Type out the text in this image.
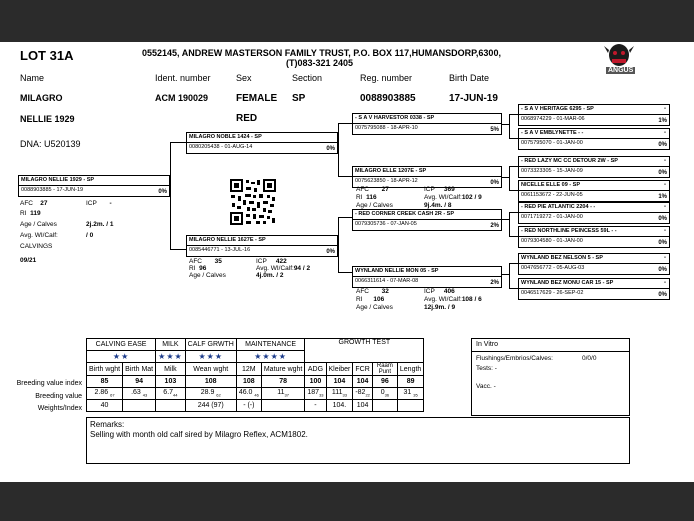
LOT 31A	0552145, ANDREW MASTERSON FAMILY TRUST, P.O. BOX 117,HUMANSDORP,6300,
(T)083-321 2405
ANGUS
Name	Ident. number	Sex	Section	Reg. number	Birth Date
MILAGRO
NELLIE 1929
ACM 190029	FEMALE SP
RED
0088903885	17-JUN-19
DNA: U520139
MILAGRO NELLIE 1929 - SP
0088903885 - 17-JUN-19	0%
AFC 27	ICP -
RI 119
Age / Calves	2j.2m. / 1
Avg. WI/Calf:	/ 0
CALVINGS
09/21
MILAGRO NOBLE 1424 - SP
0080205438 - 01-AUG-14	0%
MILAGRO NELLIE 1627E - SP
0085446771 - 13-JUL-16	0%
AFC 35	ICP 422
RI 96	Avg. WI/Calf:94 / 2
Age / Calves	4j.0m. / 2
- S A V HARVESTOR 0338 - SP
0075795088 - 18-APR-10	5%
MILAGRO ELLE 1207E - SP
0075623850 - 18-APR-12	0%
AFC 27	ICP 369
RI 116	Avg. WI/Calf:102 / 9
Age / Calves	9j.4m. / 8
- RED CORNER CREEK CASH 2R - SP
0079305736 - 07-JAN-05	2%
WYNLAND NELLIE MON 05 - SP
0066311614 - 07-MAR-08	2%
AFC 32	ICP 406
RI 106	Avg. WI/Calf:108 / 6
Age / Calves	12j.9m. / 9
- S A V HERITAGE 6295 - SP	-
0068974229 - 01-MAR-06	1%
- S A V EMBLYNETTE - -	-
0075795070 - 01-JAN-00	0%
- RED LAZY MC CC DETOUR 2W - SP	-
0073323305 - 15-JAN-09	0%
NICELLE ELLE 09 - SP	-
0061153672 - 22-JUN-05	1%
- RED PIE ATLANTIC 2204 - -	-
0071719272 - 01-JAN-00	0%
- RED NORTHLINE PEINCESS 59L - -	-
0079304580 - 01-JAN-00	0%
WYNLAND BEZ NELSON 5 - SP	-
0047656772 - 05-AUG-03	0%
WYNLAND BEZ MONU CAR 15 - SP	-
0046517629 - 26-SEP-02	0%
Breeding value index
Breeding value
Weights/Index
CALVING EASE		MILK	CALF GRWTH	MAINTENANCE		GROWTH TEST				
★★		★★★	★★★	★★★★						
Birth wght	Birth Mat	Milk	Wean wght	12M	Mature wght	ADG	Kleiber	FCR	Raam Punt	Length
85	94	103	108	108	78	100	104	104	96	89
2.86 $_{67}$	.63 $_{43}$	$6.7_{44}$	28.9 $_{62}$	46.0 $_{46}$	$11_{37}$	$187_{33}$	$111_{33}$	$-82_{22}$	$0_{36}$	31 $_{35}$
40			244 (97)	- (-)		-	104.	104		
In Vitro
Flushings/Embrios/Calves:	0/0/0
Tests: -
Vacc. -
Remarks:
Selling with month old calf sired by Milagro Reflex, ACM1802.
